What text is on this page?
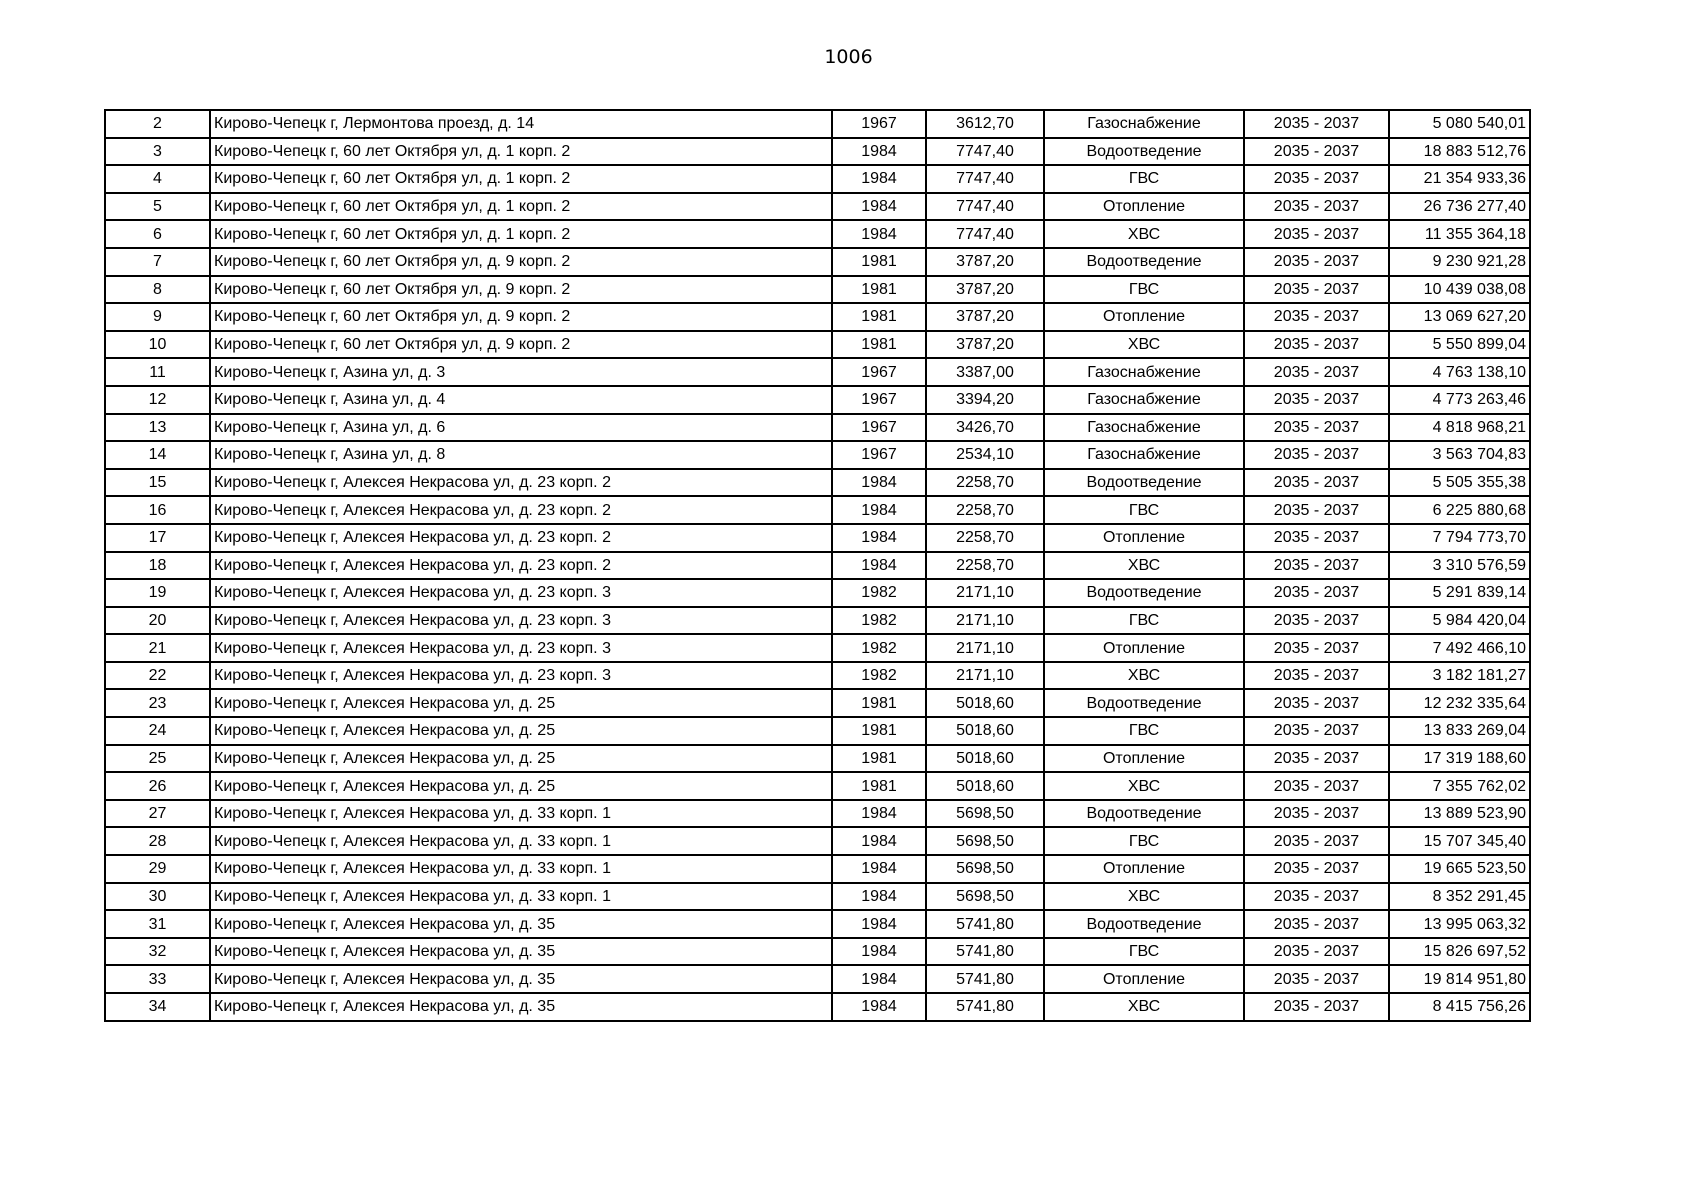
1006
2	Кирово-Чепецк г, Лермонтова проезд, д. 14	1967	3612,70	Газоснабжение	2035 - 2037	5 080 540,01
3	Кирово-Чепецк г, 60 лет Октября ул, д. 1 корп. 2	1984	7747,40	Водоотведение	2035 - 2037	18 883 512,76
4	Кирово-Чепецк г, 60 лет Октября ул, д. 1 корп. 2	1984	7747,40	ГВС	2035 - 2037	21 354 933,36
5	Кирово-Чепецк г, 60 лет Октября ул, д. 1 корп. 2	1984	7747,40	Отопление	2035 - 2037	26 736 277,40
6	Кирово-Чепецк г, 60 лет Октября ул, д. 1 корп. 2	1984	7747,40	ХВС	2035 - 2037	11 355 364,18
7	Кирово-Чепецк г, 60 лет Октября ул, д. 9 корп. 2	1981	3787,20	Водоотведение	2035 - 2037	9 230 921,28
8	Кирово-Чепецк г, 60 лет Октября ул, д. 9 корп. 2	1981	3787,20	ГВС	2035 - 2037	10 439 038,08
9	Кирово-Чепецк г, 60 лет Октября ул, д. 9 корп. 2	1981	3787,20	Отопление	2035 - 2037	13 069 627,20
10	Кирово-Чепецк г, 60 лет Октября ул, д. 9 корп. 2	1981	3787,20	ХВС	2035 - 2037	5 550 899,04
11	Кирово-Чепецк г, Азина ул, д. 3	1967	3387,00	Газоснабжение	2035 - 2037	4 763 138,10
12	Кирово-Чепецк г, Азина ул, д. 4	1967	3394,20	Газоснабжение	2035 - 2037	4 773 263,46
13	Кирово-Чепецк г, Азина ул, д. 6	1967	3426,70	Газоснабжение	2035 - 2037	4 818 968,21
14	Кирово-Чепецк г, Азина ул, д. 8	1967	2534,10	Газоснабжение	2035 - 2037	3 563 704,83
15	Кирово-Чепецк г, Алексея Некрасова ул, д. 23 корп. 2	1984	2258,70	Водоотведение	2035 - 2037	5 505 355,38
16	Кирово-Чепецк г, Алексея Некрасова ул, д. 23 корп. 2	1984	2258,70	ГВС	2035 - 2037	6 225 880,68
17	Кирово-Чепецк г, Алексея Некрасова ул, д. 23 корп. 2	1984	2258,70	Отопление	2035 - 2037	7 794 773,70
18	Кирово-Чепецк г, Алексея Некрасова ул, д. 23 корп. 2	1984	2258,70	ХВС	2035 - 2037	3 310 576,59
19	Кирово-Чепецк г, Алексея Некрасова ул, д. 23 корп. 3	1982	2171,10	Водоотведение	2035 - 2037	5 291 839,14
20	Кирово-Чепецк г, Алексея Некрасова ул, д. 23 корп. 3	1982	2171,10	ГВС	2035 - 2037	5 984 420,04
21	Кирово-Чепецк г, Алексея Некрасова ул, д. 23 корп. 3	1982	2171,10	Отопление	2035 - 2037	7 492 466,10
22	Кирово-Чепецк г, Алексея Некрасова ул, д. 23 корп. 3	1982	2171,10	ХВС	2035 - 2037	3 182 181,27
23	Кирово-Чепецк г, Алексея Некрасова ул, д. 25	1981	5018,60	Водоотведение	2035 - 2037	12 232 335,64
24	Кирово-Чепецк г, Алексея Некрасова ул, д. 25	1981	5018,60	ГВС	2035 - 2037	13 833 269,04
25	Кирово-Чепецк г, Алексея Некрасова ул, д. 25	1981	5018,60	Отопление	2035 - 2037	17 319 188,60
26	Кирово-Чепецк г, Алексея Некрасова ул, д. 25	1981	5018,60	ХВС	2035 - 2037	7 355 762,02
27	Кирово-Чепецк г, Алексея Некрасова ул, д. 33 корп. 1	1984	5698,50	Водоотведение	2035 - 2037	13 889 523,90
28	Кирово-Чепецк г, Алексея Некрасова ул, д. 33 корп. 1	1984	5698,50	ГВС	2035 - 2037	15 707 345,40
29	Кирово-Чепецк г, Алексея Некрасова ул, д. 33 корп. 1	1984	5698,50	Отопление	2035 - 2037	19 665 523,50
30	Кирово-Чепецк г, Алексея Некрасова ул, д. 33 корп. 1	1984	5698,50	ХВС	2035 - 2037	8 352 291,45
31	Кирово-Чепецк г, Алексея Некрасова ул, д. 35	1984	5741,80	Водоотведение	2035 - 2037	13 995 063,32
32	Кирово-Чепецк г, Алексея Некрасова ул, д. 35	1984	5741,80	ГВС	2035 - 2037	15 826 697,52
33	Кирово-Чепецк г, Алексея Некрасова ул, д. 35	1984	5741,80	Отопление	2035 - 2037	19 814 951,80
34	Кирово-Чепецк г, Алексея Некрасова ул, д. 35	1984	5741,80	ХВС	2035 - 2037	8 415 756,26
